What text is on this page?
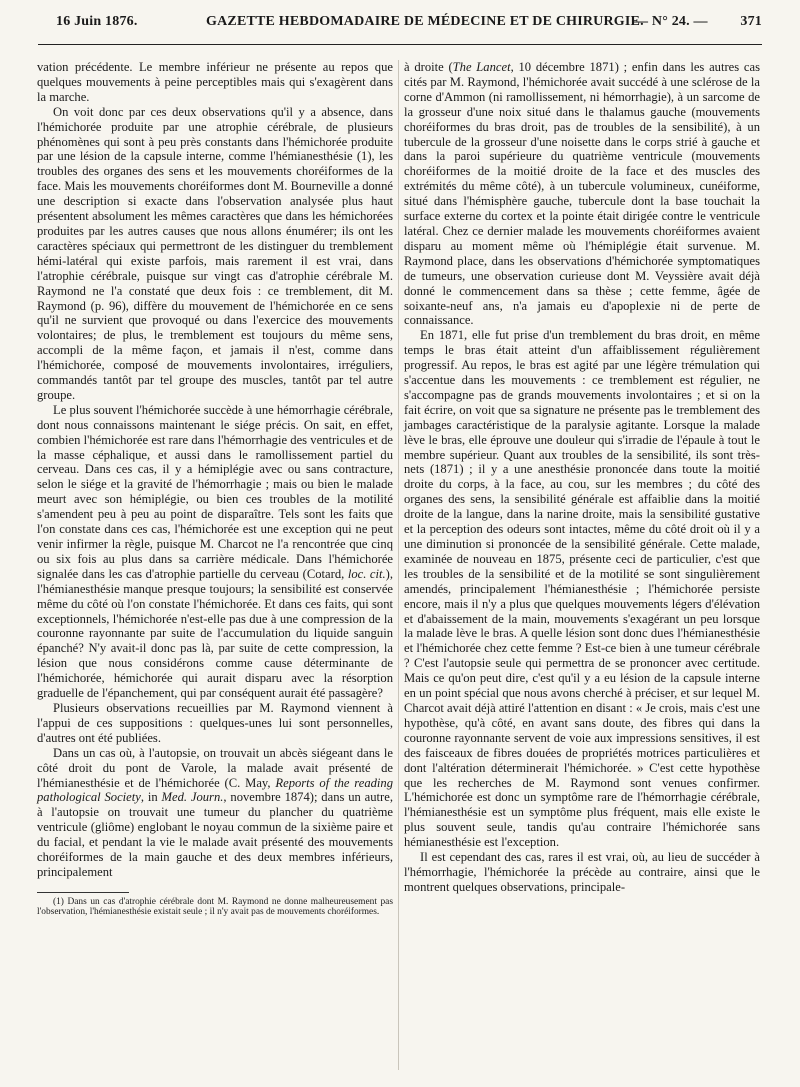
16 Juin 1876.	GAZETTE HEBDOMADAIRE DE MÉDECINE ET DE CHIRURGIE.
— N° 24. — 371

vation précédente. Le membre inférieur ne présente au repos que quelques mouvements à peine perceptibles mais qui s'exagèrent dans la marche.

On voit donc par ces deux observations qu'il y a absence, dans l'hémichorée produite par une atrophie cérébrale, de plusieurs phénomènes qui sont à peu près constants dans l'hémichorée produite par une lésion de la capsule interne, comme l'hémianesthésie (1), les troubles des organes des sens et les mouvements choréiformes de la face. Mais les mouvements choréiformes dont M. Bourneville a donné une description si exacte dans l'observation analysée plus haut présentent absolument les mêmes caractères que dans les hémichorées produites par les autres causes que nous allons énumérer; ils ont les caractères spéciaux qui permettront de les distinguer du tremblement hémi-latéral qui existe parfois, mais rarement il est vrai, dans l'atrophie cérébrale, puisque sur vingt cas d'atrophie cérébrale M. Raymond ne l'a constaté que deux fois : ce tremblement, dit M. Raymond (p. 96), diffère du mouvement de l'hémichorée en ce sens qu'il ne survient que provoqué ou dans l'exercice des mouvements volontaires; de plus, le tremblement est toujours du même sens, accompli de la même façon, et jamais il n'est, comme dans l'hémichorée, composé de mouvements involontaires, irréguliers, commandés tantôt par tel groupe des muscles, tantôt par tel autre groupe.

Le plus souvent l'hémichorée succède à une hémorrhagie cérébrale, dont nous connaissons maintenant le siége précis. On sait, en effet, combien l'hémichorée est rare dans l'hémorrhagie des ventricules et de la masse céphalique, et aussi dans le ramollissement partiel du cerveau. Dans ces cas, il y a hémiplégie avec ou sans contracture, selon le siége et la gravité de l'hémorrhagie ; mais ou bien le malade meurt avec son hémiplégie, ou bien ces troubles de la motilité s'amendent peu à peu au point de disparaître. Tels sont les faits que l'on constate dans ces cas, l'hémichorée est une exception qui ne peut venir infirmer la règle, puisque M. Charcot ne l'a rencontrée que cinq ou six fois au plus dans sa carrière médicale. Dans l'hémichorée signalée dans les cas d'atrophie partielle du cerveau (Cotard, loc. cit.), l'hémianesthésie manque presque toujours; la sensibilité est conservée même du côté où l'on constate l'hémichorée. Et dans ces faits, qui sont exceptionnels, l'hémichorée n'est-elle pas due à une compression de la couronne rayonnante par suite de l'accumulation du liquide sanguin épanché? N'y avait-il donc pas là, par suite de cette compression, la lésion que nous considérons comme cause déterminante de l'hémichorée, hémichorée qui aurait disparu avec la résorption graduelle de l'épanchement, qui par conséquent aurait été passagère?

Plusieurs observations recueillies par M. Raymond viennent à l'appui de ces suppositions : quelques-unes lui sont personnelles, d'autres ont été publiées.

Dans un cas où, à l'autopsie, on trouvait un abcès siégeant dans le côté droit du pont de Varole, la malade avait présenté de l'hémianesthésie et de l'hémichorée (C. May, Reports of the reading pathological Society, in Med. Journ., novembre 1874); dans un autre, à l'autopsie on trouvait une tumeur du plancher du quatrième ventricule (gliôme) englobant le noyau commun de la sixième paire et du facial, et pendant la vie le malade avait présenté des mouvements choréiformes de la main gauche et des deux membres inférieurs, principalement

(1) Dans un cas d'atrophie cérébrale dont M. Raymond ne donne malheureusement pas l'observation, l'hémianesthésie existait seule ; il n'y avait pas de mouvements choréiformes.

à droite (The Lancet, 10 décembre 1871) ; enfin dans les autres cas cités par M. Raymond, l'hémichorée avait succédé à une sclérose de la corne d'Ammon (ni ramollissement, ni hémorrhagie), à un sarcome de la grosseur d'une noix situé dans le thalamus gauche (mouvements choréiformes du bras droit, pas de troubles de la sensibilité), à un tubercule de la grosseur d'une noisette dans le corps strié à gauche et dans la paroi supérieure du quatrième ventricule (mouvements choréiformes de la moitié droite de la face et des muscles des extrémités du même côté), à un tubercule volumineux, cunéiforme, situé dans l'hémisphère gauche, tubercule dont la base touchait la surface externe du cortex et la pointe était dirigée contre le ventricule latéral. Chez ce dernier malade les mouvements choréiformes avaient disparu au moment même où l'hémiplégie était survenue. M. Raymond place, dans les observations d'hémichorée symptomatiques de tumeurs, une observation curieuse dont M. Veyssière avait déjà donné le commencement dans sa thèse ; cette femme, âgée de soixante-neuf ans, n'a jamais eu d'apoplexie ni de perte de connaissance.

En 1871, elle fut prise d'un tremblement du bras droit, en même temps le bras était atteint d'un affaiblissement régulièrement progressif. Au repos, le bras est agité par une légère trémulation qui s'accentue dans les mouvements : ce tremblement est régulier, ne s'accompagne pas de grands mouvements involontaires ; et si on la fait écrire, on voit que sa signature ne présente pas le tremblement des jambages caractéristique de la paralysie agitante. Lorsque la malade lève le bras, elle éprouve une douleur qui s'irradie de l'épaule à tout le membre supérieur. Quant aux troubles de la sensibilité, ils sont très-nets (1871) ; il y a une anesthésie prononcée dans toute la moitié droite du corps, à la face, au cou, sur les membres ; du côté des organes des sens, la sensibilité générale est affaiblie dans la moitié droite de la langue, dans la narine droite, mais la sensibilité gustative et la perception des odeurs sont intactes, même du côté droit où il y a une diminution si prononcée de la sensibilité générale. Cette malade, examinée de nouveau en 1875, présente ceci de particulier, c'est que les troubles de la sensibilité et de la motilité se sont singulièrement amendés, principalement l'hémianesthésie ; l'hémichorée persiste encore, mais il n'y a plus que quelques mouvements légers d'élévation et d'abaissement de la main, mouvements s'exagérant un peu lorsque la malade lève le bras. A quelle lésion sont donc dues l'hémianesthésie et l'hémichorée chez cette femme ? Est-ce bien à une tumeur cérébrale ? C'est l'autopsie seule qui permettra de se prononcer avec certitude. Mais ce qu'on peut dire, c'est qu'il y a eu lésion de la capsule interne en un point spécial que nous avons cherché à préciser, et sur lequel M. Charcot avait déjà attiré l'attention en disant : « Je crois, mais c'est une hypothèse, qu'à côté, en avant sans doute, des fibres qui dans la couronne rayonnante servent de voie aux impressions sensitives, il est des faisceaux de fibres douées de propriétés motrices particulières et dont l'altération déterminerait l'hémichorée. » C'est cette hypothèse que les recherches de M. Raymond sont venues confirmer. L'hémichorée est donc un symptôme rare de l'hémorrhagie cérébrale, l'hémianesthésie est un symptôme plus fréquent, mais elle existe le plus souvent seule, tandis qu'au contraire l'hémichorée sans hémianesthésie est l'exception.

Il est cependant des cas, rares il est vrai, où, au lieu de succéder à l'hémorrhagie, l'hémichorée la précède au contraire, ainsi que le montrent quelques observations, principale-
